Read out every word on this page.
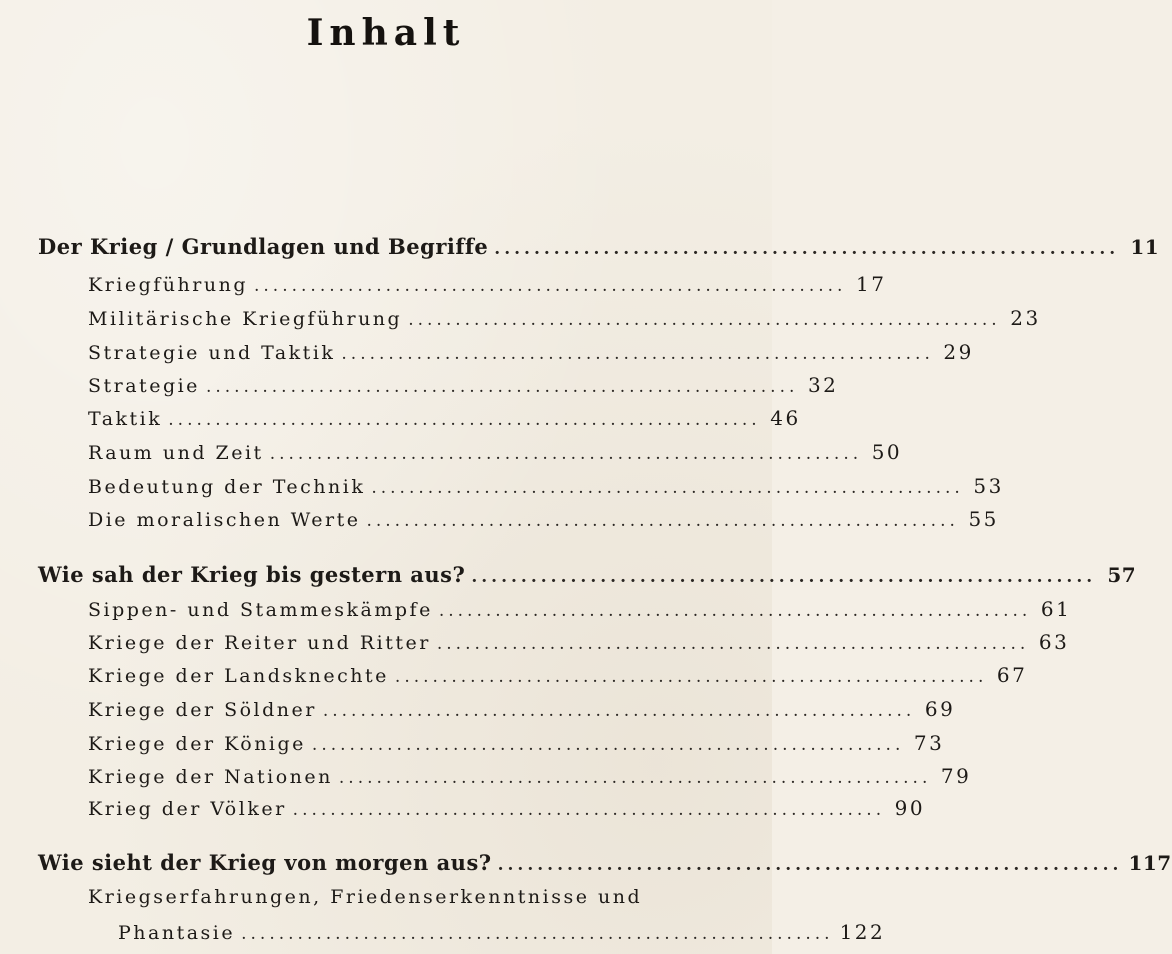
Inhalt
Der Krieg / Grundlagen und Begriffe ............................................................... 11
Kriegführung ............................................................... 17
Militärische Kriegführung ............................................................... 23
Strategie und Taktik ............................................................... 29
Strategie ............................................................... 32
Taktik ............................................................... 46
Raum und Zeit ............................................................... 50
Bedeutung der Technik ............................................................... 53
Die moralischen Werte ............................................................... 55
Wie sah der Krieg bis gestern aus? ............................................................... 57
Sippen- und Stammeskämpfe ............................................................... 61
Kriege der Reiter und Ritter ............................................................... 63
Kriege der Landsknechte ............................................................... 67
Kriege der Söldner ............................................................... 69
Kriege der Könige ............................................................... 73
Kriege der Nationen ............................................................... 79
Krieg der Völker ............................................................... 90
Wie sieht der Krieg von morgen aus? ............................................................... 117
Kriegserfahrungen, Friedenserkenntnisse und
Phantasie ............................................................... 122
